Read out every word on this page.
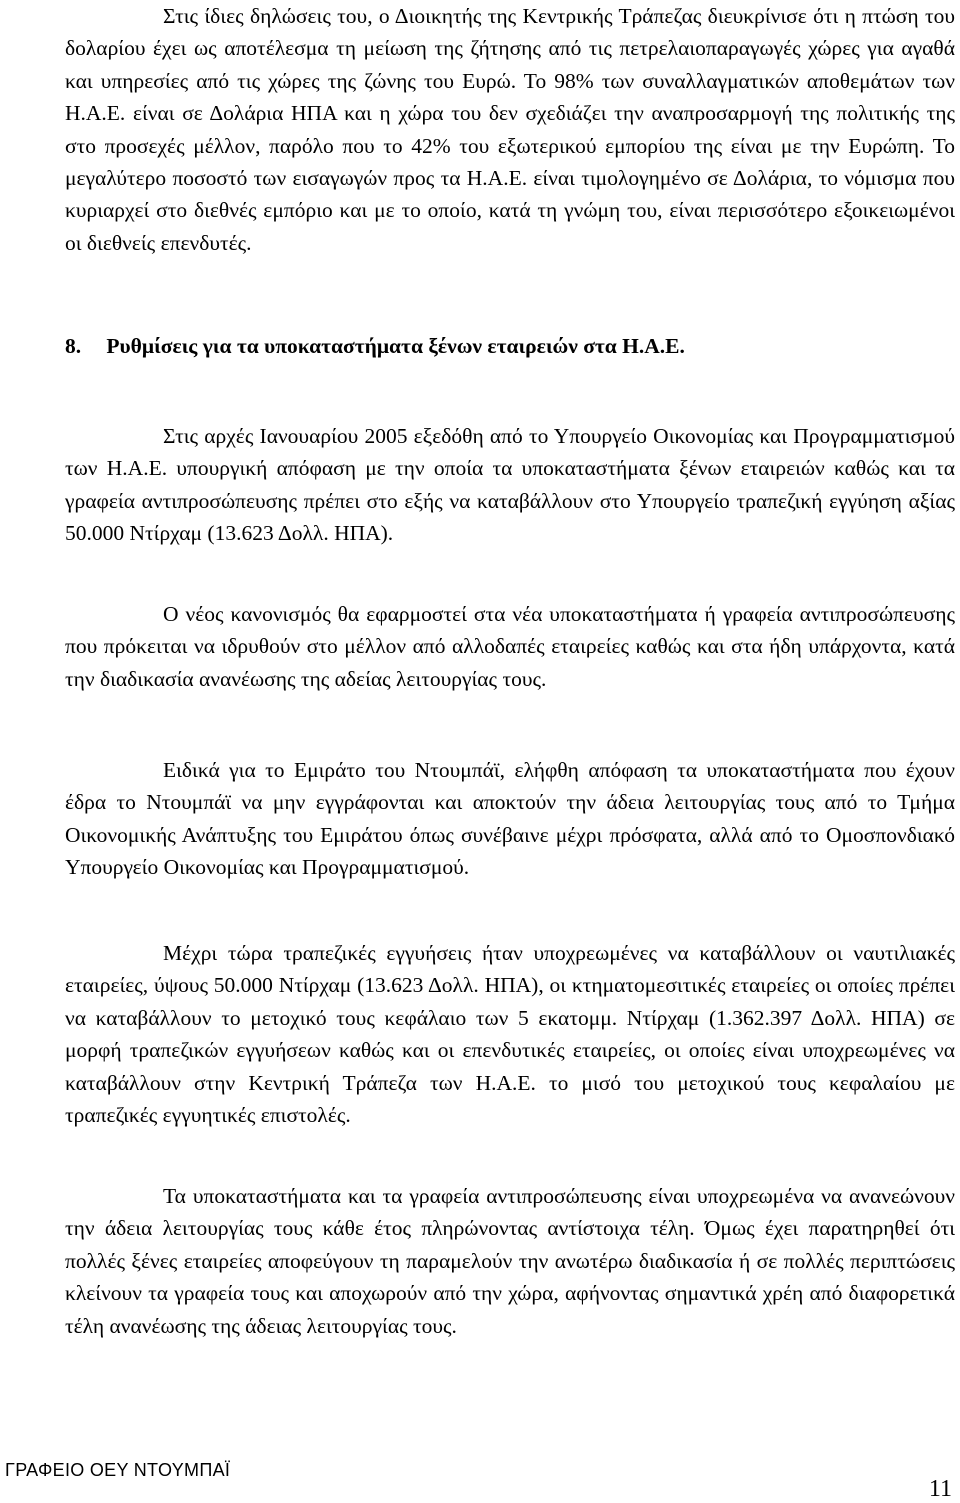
Στις ίδιες δηλώσεις του, ο Διοικητής της Κεντρικής Τράπεζας διευκρίνισε ότι η πτώση του δολαρίου έχει ως αποτέλεσμα τη μείωση της ζήτησης από τις πετρελαιοπαραγωγές χώρες για αγαθά και υπηρεσίες από τις χώρες της ζώνης του Ευρώ. Το 98% των συναλλαγματικών αποθεμάτων των Η.Α.Ε. είναι σε Δολάρια ΗΠΑ και η χώρα του δεν σχεδιάζει την αναπροσαρμογή της πολιτικής της στο προσεχές μέλλον, παρόλο που το 42% του εξωτερικού εμπορίου της είναι με την Ευρώπη. Το μεγαλύτερο ποσοστό των εισαγωγών προς τα Η.Α.Ε. είναι τιμολογημένο σε Δολάρια, το νόμισμα που κυριαρχεί στο διεθνές εμπόριο και με το οποίο, κατά τη γνώμη του, είναι περισσότερο εξοικειωμένοι οι διεθνείς επενδυτές.

8. Ρυθμίσεις για τα υποκαταστήματα ξένων εταιρειών στα Η.Α.Ε.

Στις αρχές Ιανουαρίου 2005 εξεδόθη από το Υπουργείο Οικονομίας και Προγραμματισμού των Η.Α.Ε. υπουργική απόφαση με την οποία τα υποκαταστήματα ξένων εταιρειών καθώς και τα γραφεία αντιπροσώπευσης πρέπει στο εξής να καταβάλλουν στο Υπουργείο τραπεζική εγγύηση αξίας 50.000 Ντίρχαμ (13.623 Δολλ. ΗΠΑ).

Ο νέος κανονισμός θα εφαρμοστεί στα νέα υποκαταστήματα ή γραφεία αντιπροσώπευσης που πρόκειται να ιδρυθούν στο μέλλον από αλλοδαπές εταιρείες καθώς και στα ήδη υπάρχοντα, κατά την διαδικασία ανανέωσης της αδείας λειτουργίας τους.

Ειδικά για το Εμιράτο του Ντουμπάϊ, ελήφθη απόφαση τα υποκαταστήματα που έχουν έδρα το Ντουμπάϊ να μην εγγράφονται και αποκτούν την άδεια λειτουργίας τους από το Τμήμα Οικονομικής Ανάπτυξης του Εμιράτου όπως συνέβαινε μέχρι πρόσφατα, αλλά από το Ομοσπονδιακό Υπουργείο Οικονομίας και Προγραμματισμού.

Μέχρι τώρα τραπεζικές εγγυήσεις ήταν υποχρεωμένες να καταβάλλουν οι ναυτιλιακές εταιρείες, ύψους 50.000 Ντίρχαμ (13.623 Δολλ. ΗΠΑ), οι κτηματομεσιτικές εταιρείες οι οποίες πρέπει να καταβάλλουν το μετοχικό τους κεφάλαιο των 5 εκατομμ. Ντίρχαμ (1.362.397 Δολλ. ΗΠΑ) σε μορφή τραπεζικών εγγυήσεων καθώς και οι επενδυτικές εταιρείες, οι οποίες είναι υποχρεωμένες να καταβάλλουν στην Κεντρική Τράπεζα των Η.Α.Ε. το μισό του μετοχικού τους κεφαλαίου με τραπεζικές εγγυητικές επιστολές.

Τα υποκαταστήματα και τα γραφεία αντιπροσώπευσης είναι υποχρεωμένα να ανανεώνουν την άδεια λειτουργίας τους κάθε έτος πληρώνοντας αντίστοιχα τέλη. Όμως έχει παρατηρηθεί ότι πολλές ξένες εταιρείες αποφεύγουν τη παραμελούν την ανωτέρω διαδικασία ή σε πολλές περιπτώσεις κλείνουν τα γραφεία τους και αποχωρούν από την χώρα, αφήνοντας σημαντικά χρέη από διαφορετικά τέλη ανανέωσης της άδειας λειτουργίας τους.

ΓΡΑΦΕΙΟ ΟΕΥ ΝΤΟΥΜΠΑΪ
11
